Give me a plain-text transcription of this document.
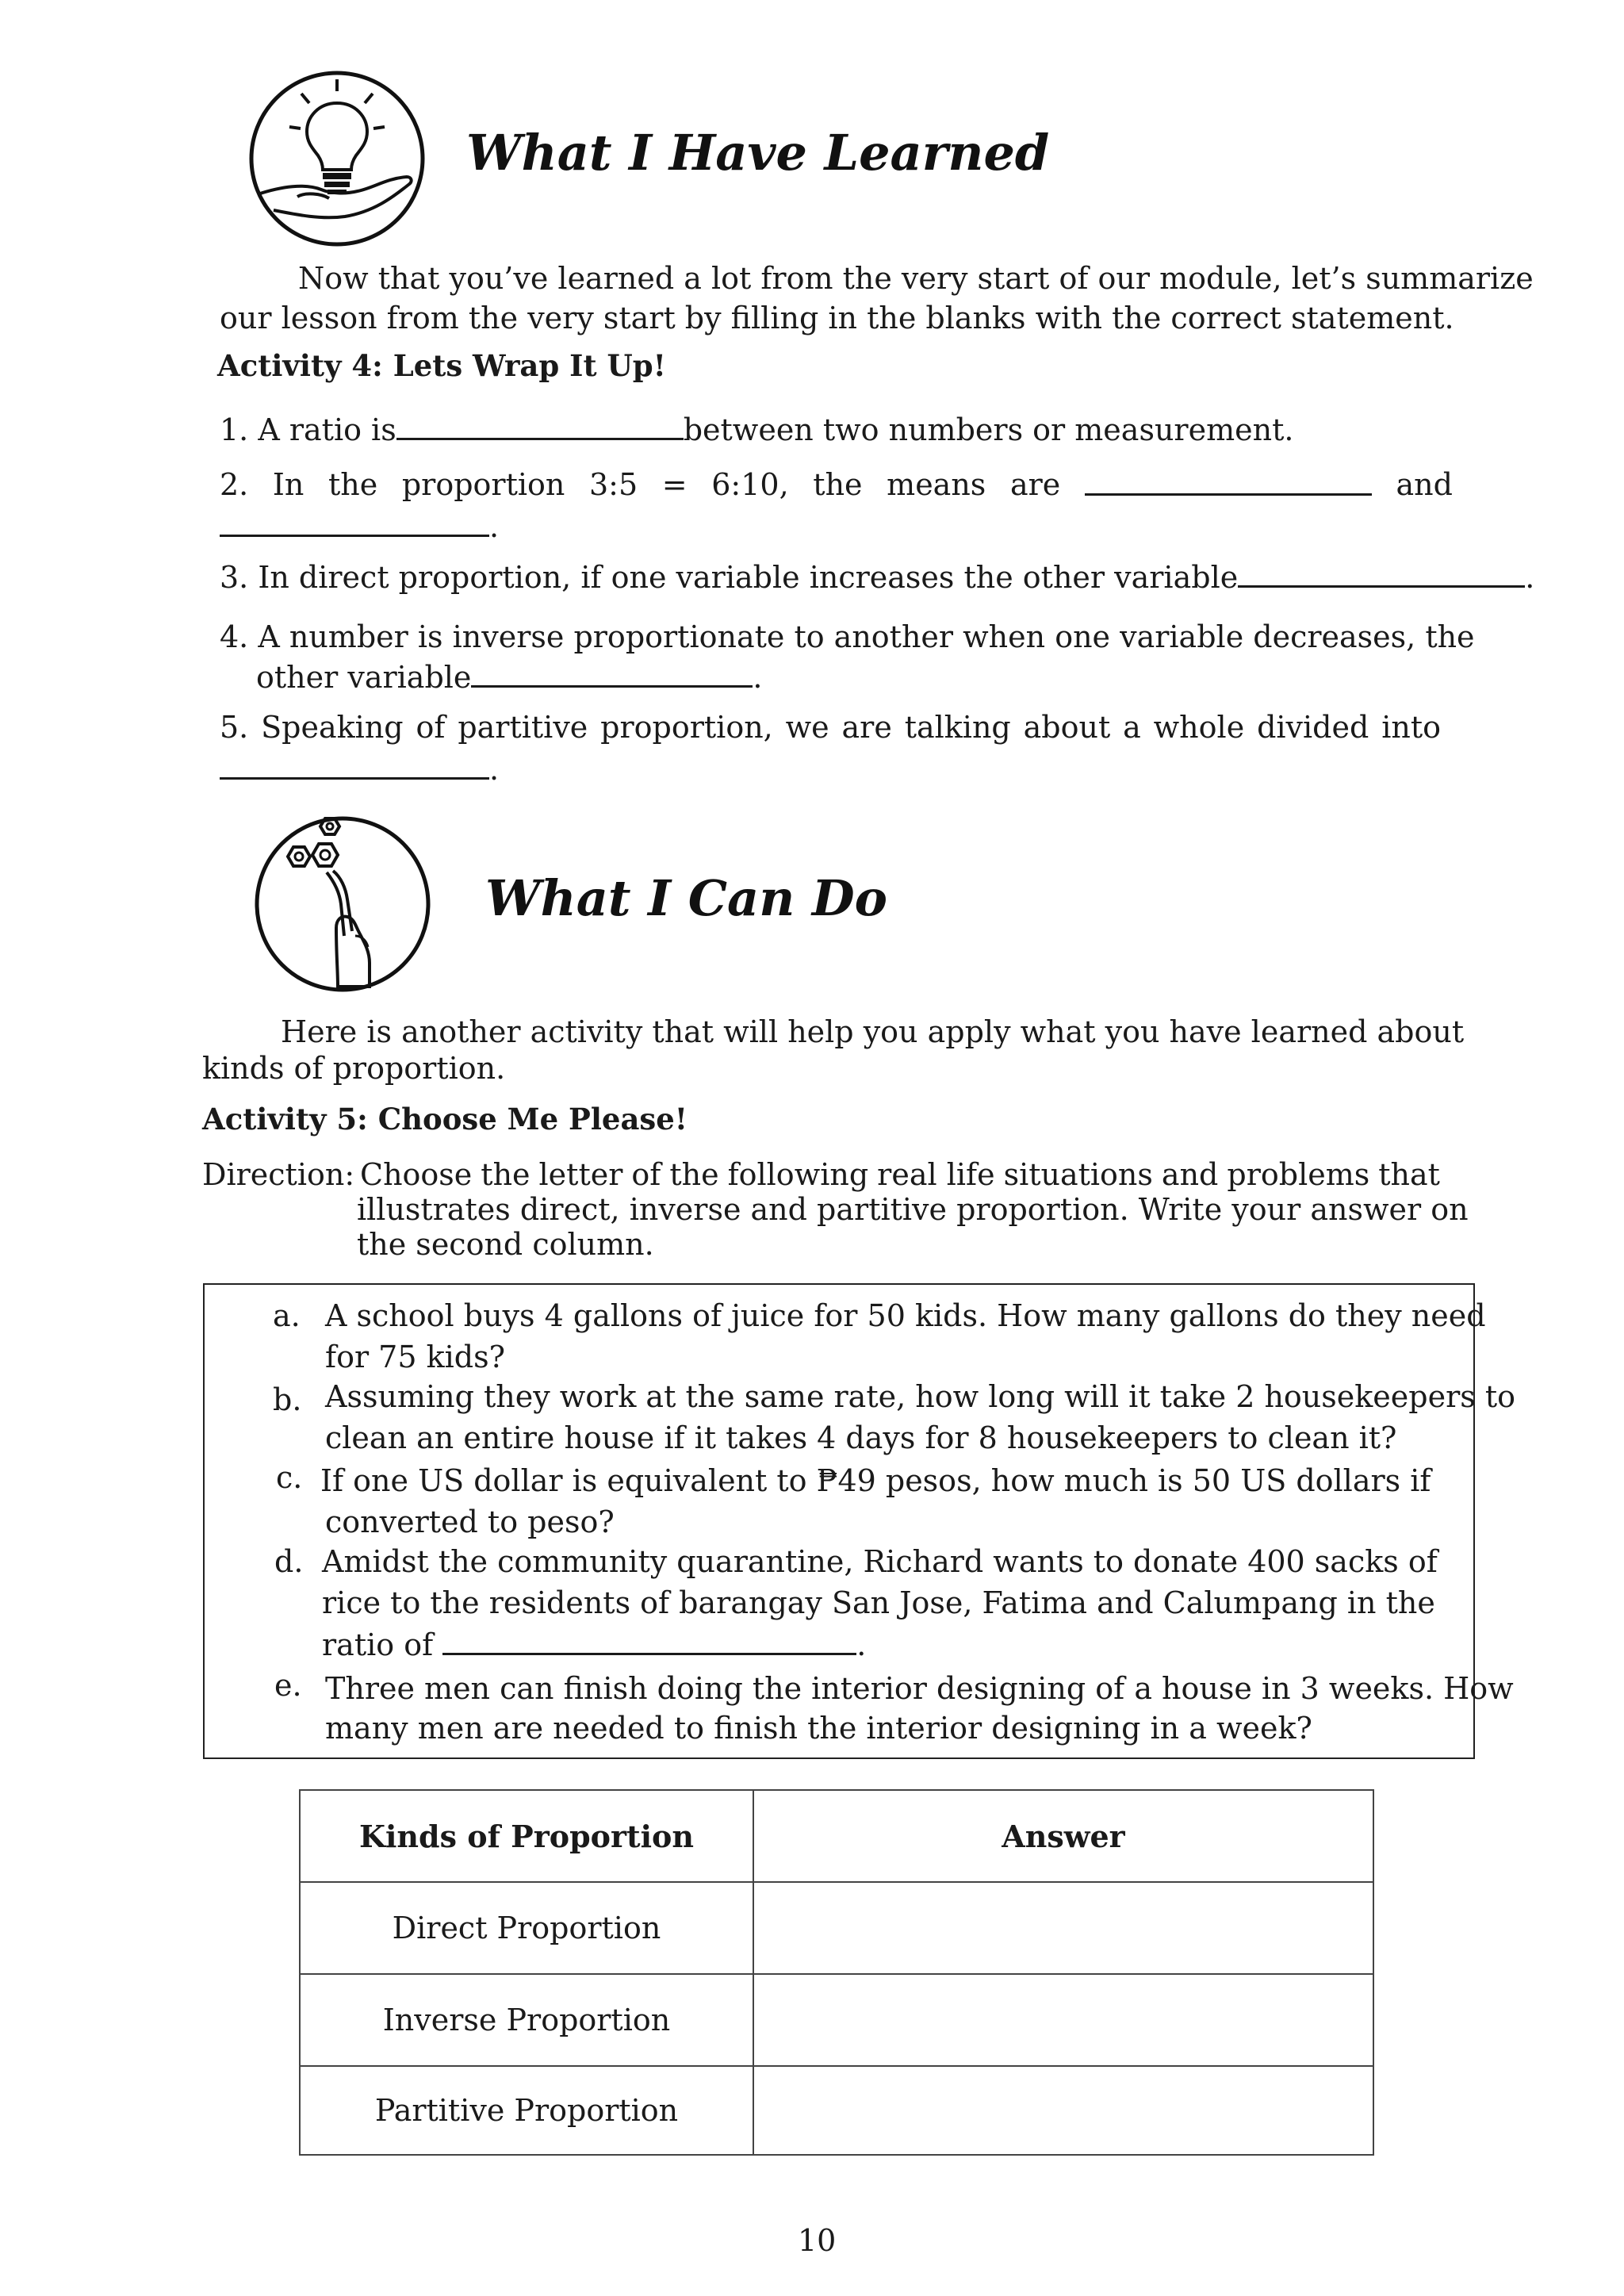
What I Have Learned
Now that you’ve learned a lot from the very start of our module, let’s summarize
our lesson from the very start by filling in the blanks with the correct statement.
Activity 4: Lets Wrap It Up!
1. A ratio is	between two numbers or measurement.
2. In the proportion 3:5 = 6:10, the means are	and
.
3. In direct proportion, if one variable increases the other variable	.
4. A number is inverse proportionate to another when one variable decreases, the
other variable	.
5. Speaking of partitive proportion, we are talking about a whole divided into
.
What I Can Do
Here is another activity that will help you apply what you have learned about
kinds of proportion.
Activity 5: Choose Me Please!
Direction: Choose the letter of the following real life situations and problems that
illustrates direct, inverse and partitive proportion. Write your answer on
the second column.
a. A school buys 4 gallons of juice for 50 kids. How many gallons do they need
for 75 kids?
b. Assuming they work at the same rate, how long will it take 2 housekeepers to
clean an entire house if it takes 4 days for 8 housekeepers to clean it?
c. If one US dollar is equivalent to ₱49 pesos, how much is 50 US dollars if
converted to peso?
d. Amidst the community quarantine, Richard wants to donate 400 sacks of
rice to the residents of barangay San Jose, Fatima and Calumpang in the
ratio of	.
e. Three men can finish doing the interior designing of a house in 3 weeks. How
many men are needed to finish the interior designing in a week?
Kinds of Proportion	Answer
Direct Proportion	
Inverse Proportion	
Partitive Proportion	
10
